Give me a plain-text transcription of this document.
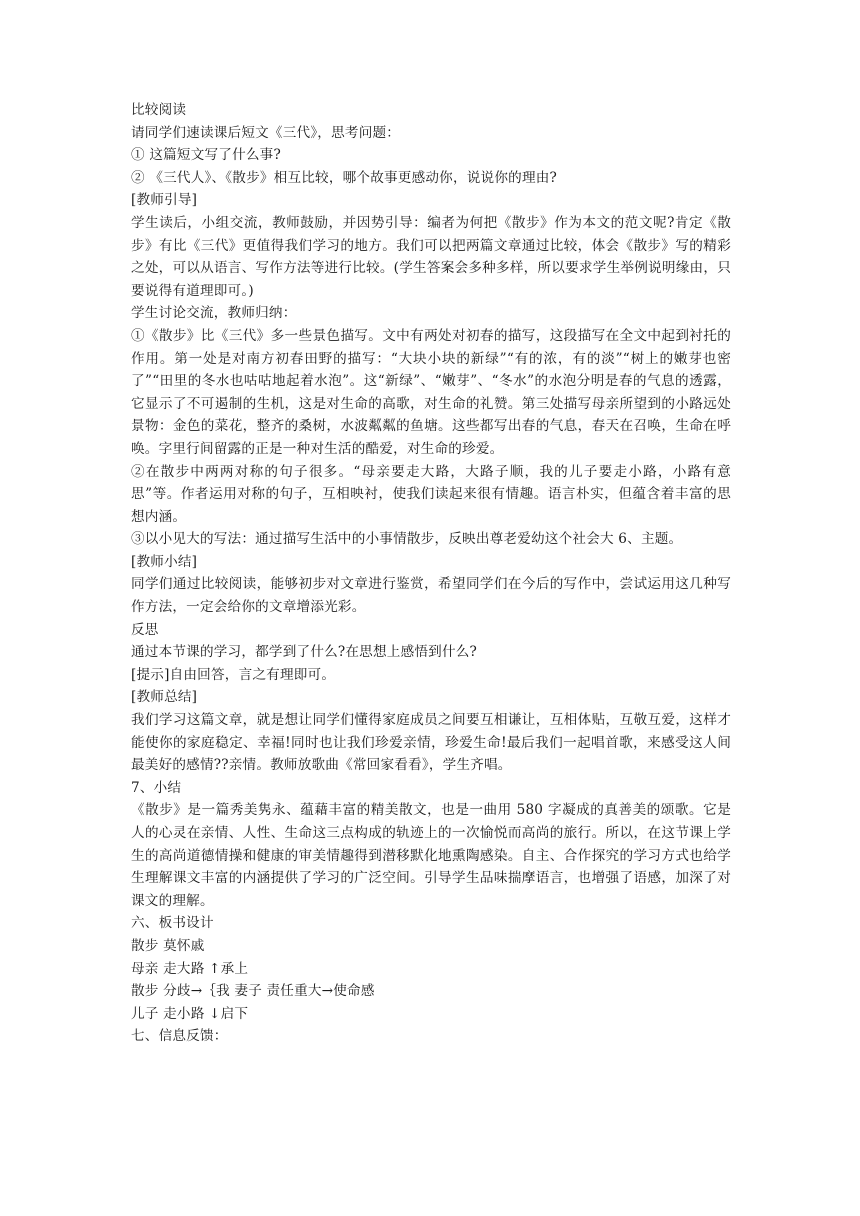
比较阅读

请同学们速读课后短文《三代》，思考问题：

① 这篇短文写了什么事?

② 《三代人》、《散步》相互比较，哪个故事更感动你，说说你的理由?

[教师引导]

学生读后，小组交流，教师鼓励，并因势引导：编者为何把《散步》作为本文的范文呢?肯定《散步》有比《三代》更值得我们学习的地方。我们可以把两篇文章通过比较，体会《散步》写的精彩之处，可以从语言、写作方法等进行比较。(学生答案会多种多样，所以要求学生举例说明缘由，只要说得有道理即可。)

学生讨论交流，教师归纳：

①《散步》比《三代》多一些景色描写。文中有两处对初春的描写，这段描写在全文中起到衬托的作用。第一处是对南方初春田野的描写：“大块小块的新绿”“有的浓，有的淡”“树上的嫩芽也密了”“田里的冬水也咕咕地起着水泡”。这“新绿”、“嫩芽”、“冬水”的水泡分明是春的气息的透露，它显示了不可遏制的生机，这是对生命的高歌，对生命的礼赞。第三处描写母亲所望到的小路远处景物：金色的菜花，整齐的桑树，水波粼粼的鱼塘。这些都写出春的气息，春天在召唤，生命在呼唤。字里行间留露的正是一种对生活的酷爱，对生命的珍爱。

②在散步中两两对称的句子很多。“母亲要走大路，大路子顺，我的儿子要走小路，小路有意思”等。作者运用对称的句子，互相映衬，使我们读起来很有情趣。语言朴实，但蕴含着丰富的思想内涵。

③以小见大的写法：通过描写生活中的小事情散步，反映出尊老爱幼这个社会大 6、主题。

[教师小结]

同学们通过比较阅读，能够初步对文章进行鉴赏，希望同学们在今后的写作中，尝试运用这几种写作方法，一定会给你的文章增添光彩。

反思

通过本节课的学习，都学到了什么?在思想上感悟到什么?

[提示]自由回答，言之有理即可。

[教师总结]

我们学习这篇文章，就是想让同学们懂得家庭成员之间要互相谦让，互相体贴，互敬互爱，这样才能使你的家庭稳定、幸福!同时也让我们珍爱亲情，珍爱生命!最后我们一起唱首歌，来感受这人间最美好的感情??亲情。教师放歌曲《常回家看看》，学生齐唱。

7、小结

《散步》是一篇秀美隽永、蕴藉丰富的精美散文，也是一曲用 580 字凝成的真善美的颂歌。它是人的心灵在亲情、人性、生命这三点构成的轨迹上的一次愉悦而高尚的旅行。所以，在这节课上学生的高尚道德情操和健康的审美情趣得到潜移默化地熏陶感染。自主、合作探究的学习方式也给学生理解课文丰富的内涵提供了学习的广泛空间。引导学生品味揣摩语言，也增强了语感，加深了对课文的理解。

六、板书设计

散步 莫怀戚

母亲 走大路 ↑承上

散步 分歧→｛我 妻子 责任重大→使命感

儿子 走小路 ↓启下

七、信息反馈：
